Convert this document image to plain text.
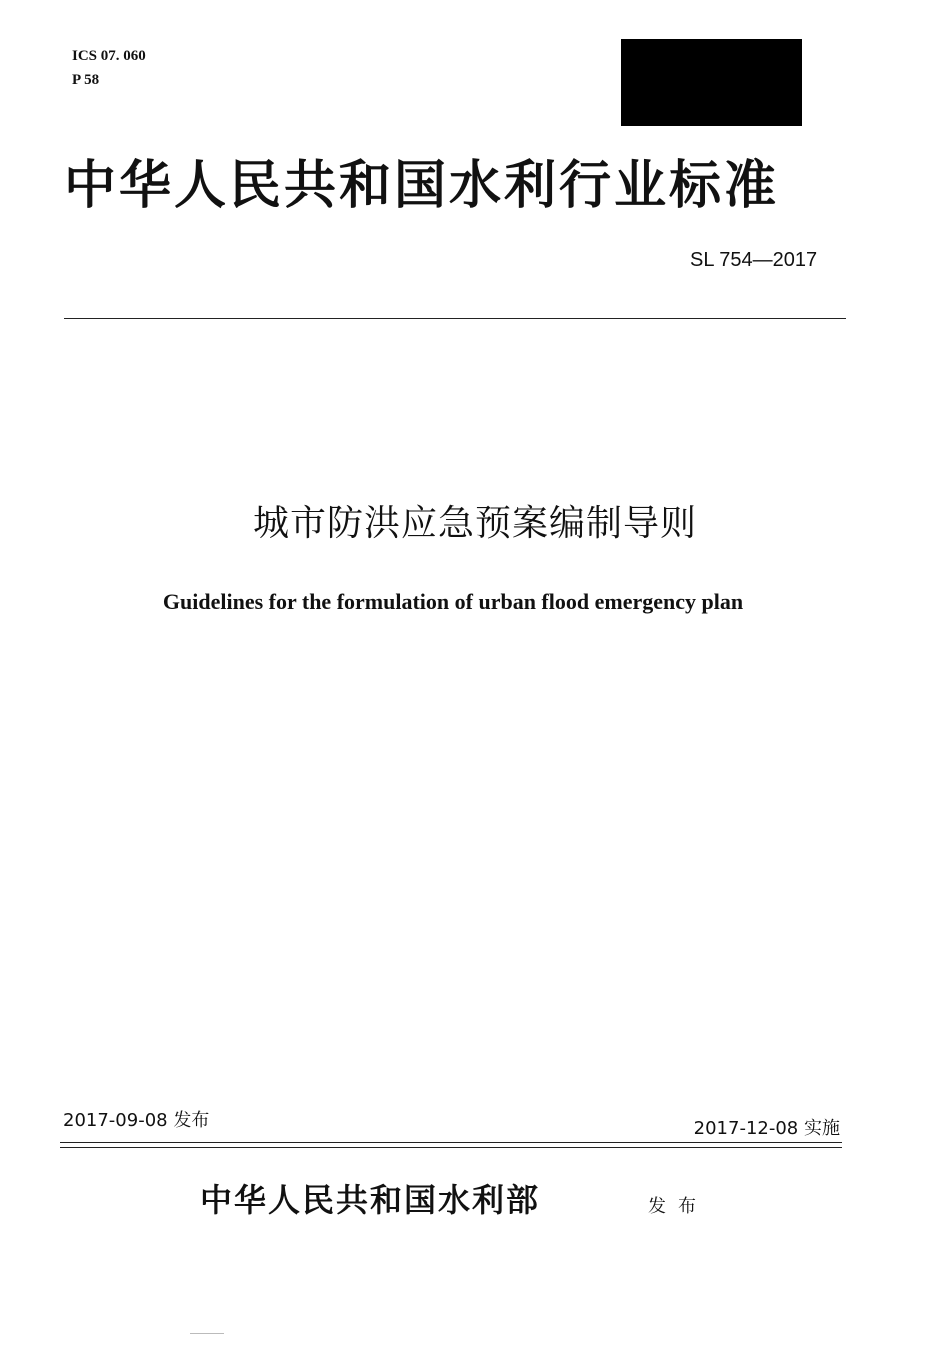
ICS 07. 060
P 58
中华人民共和国水利行业标准
SL 754—2017
城市防洪应急预案编制导则
Guidelines for the formulation of urban flood emergency plan
2017-09-08 发布	2017-12-08 实施
中华人民共和国水利部	发布
